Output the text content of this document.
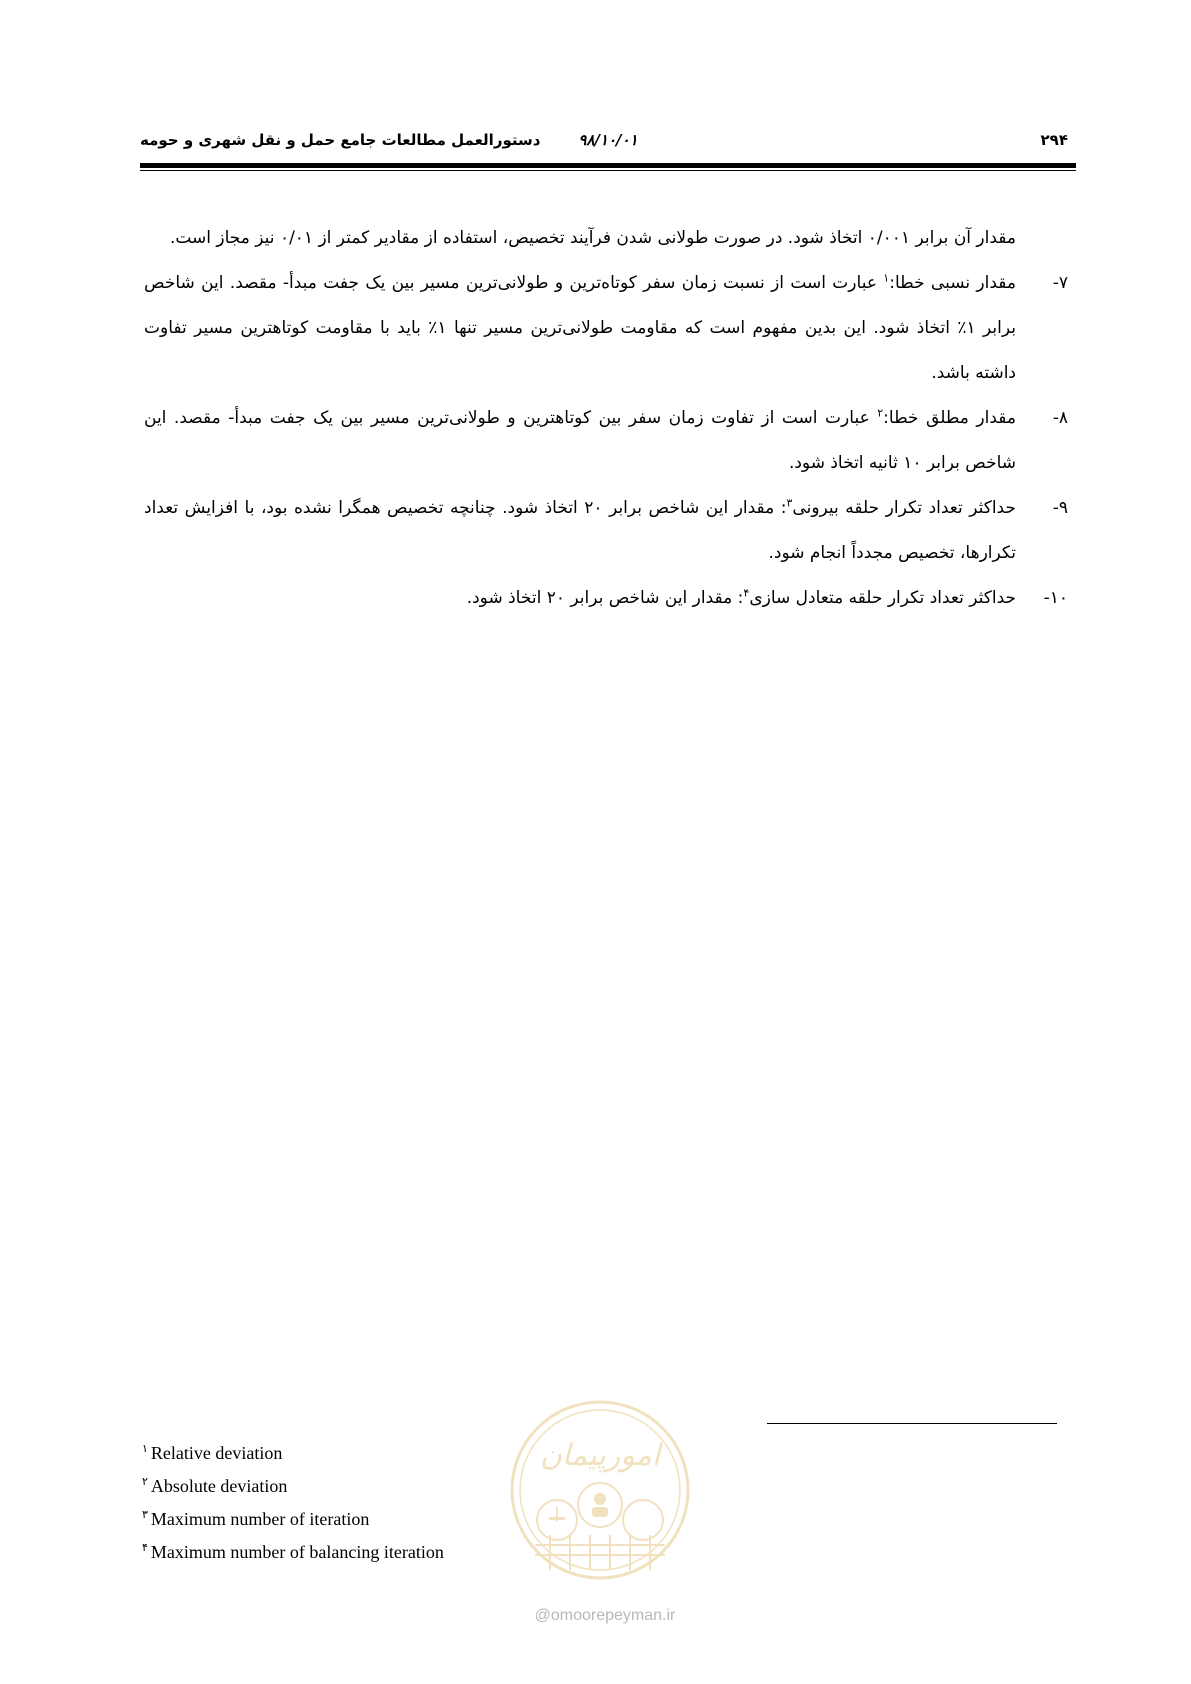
۲۹۴
۹۸/۱۰/۰۱
دستورالعمل مطالعات جامع حمل و نقل شهری و حومه

مقدار آن برابر ۰/۰۰۱ اتخاذ شود. در صورت طولانی شدن فرآیند تخصیص، استفاده از مقادیر کمتر از ۰/۰۱ نیز مجاز است.

۷-
مقدار نسبی خطا:$^۱$ عبارت است از نسبت زمان سفر کوتاه‌ترین و طولانی‌ترین مسیر بین یک جفت مبدأ- مقصد. این شاخص برابر ۱٪ اتخاذ شود. این بدین مفهوم است که مقاومت طولانی‌ترین مسیر تنها ۱٪ باید با مقاومت کوتاهترین مسیر تفاوت داشته باشد.

۸-
مقدار مطلق خطا:$^۲$ عبارت است از تفاوت زمان سفر بین کوتاهترین و طولانی‌ترین مسیر بین یک جفت مبدأ- مقصد. این شاخص برابر ۱۰ ثانیه اتخاذ شود.

۹-
حداکثر تعداد تکرار حلقه بیرونی$^۳$: مقدار این شاخص برابر ۲۰ اتخاذ شود. چنانچه تخصیص همگرا نشده بود، با افزایش تعداد تکرارها، تخصیص مجدداً انجام شود.

۱۰-
حداکثر تعداد تکرار حلقه متعادل سازی$^۴$: مقدار این شاخص برابر ۲۰ اتخاذ شود.

امورپیمان
@omoorepeyman.ir
$^۱$ Relative deviation
$^۲$ Absolute deviation
$^۳$ Maximum number of iteration
$^۴$ Maximum number of balancing iteration
